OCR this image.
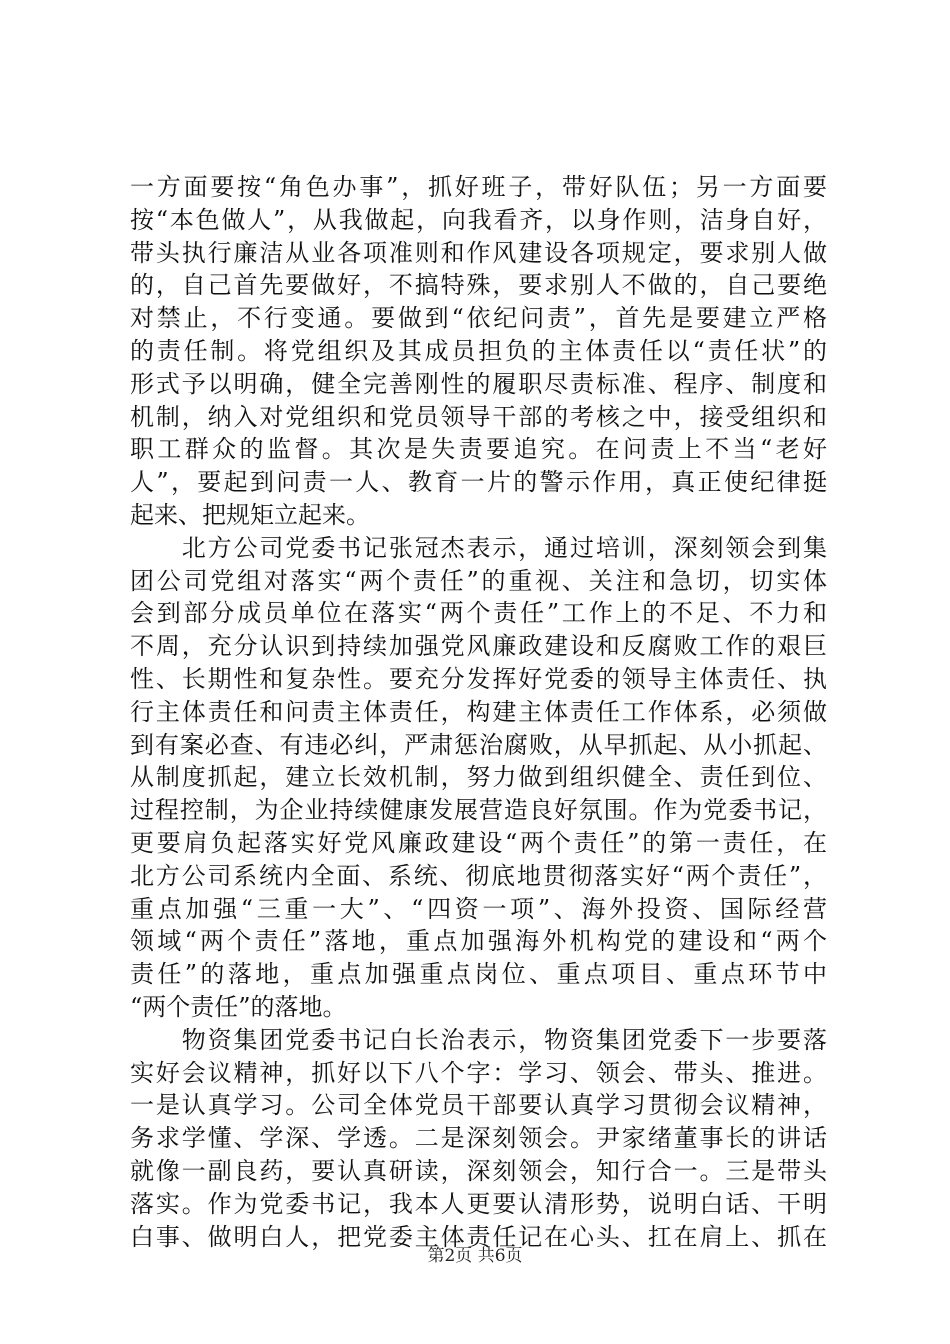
一方面要按“角色办事”，抓好班子，带好队伍；另一方面要
按“本色做人”，从我做起，向我看齐，以身作则，洁身自好，
带头执行廉洁从业各项准则和作风建设各项规定，要求别人做
的，自己首先要做好，不搞特殊，要求别人不做的，自己要绝
对禁止，不行变通。要做到“依纪问责”，首先是要建立严格
的责任制。将党组织及其成员担负的主体责任以“责任状”的
形式予以明确，健全完善刚性的履职尽责标准、程序、制度和
机制，纳入对党组织和党员领导干部的考核之中，接受组织和
职工群众的监督。其次是失责要追究。在问责上不当“老好
人”，要起到问责一人、教育一片的警示作用，真正使纪律挺
起来、把规矩立起来。
　　北方公司党委书记张冠杰表示，通过培训，深刻领会到集
团公司党组对落实“两个责任”的重视、关注和急切，切实体
会到部分成员单位在落实“两个责任”工作上的不足、不力和
不周，充分认识到持续加强党风廉政建设和反腐败工作的艰巨
性、长期性和复杂性。要充分发挥好党委的领导主体责任、执
行主体责任和问责主体责任，构建主体责任工作体系，必须做
到有案必查、有违必纠，严肃惩治腐败，从早抓起、从小抓起、
从制度抓起，建立长效机制，努力做到组织健全、责任到位、
过程控制，为企业持续健康发展营造良好氛围。作为党委书记，
更要肩负起落实好党风廉政建设“两个责任”的第一责任，在
北方公司系统内全面、系统、彻底地贯彻落实好“两个责任”，
重点加强“三重一大”、“四资一项”、海外投资、国际经营
领域“两个责任”落地，重点加强海外机构党的建设和“两个
责任”的落地，重点加强重点岗位、重点项目、重点环节中
“两个责任”的落地。
　　物资集团党委书记白长治表示，物资集团党委下一步要落
实好会议精神，抓好以下八个字：学习、领会、带头、推进。
一是认真学习。公司全体党员干部要认真学习贯彻会议精神，
务求学懂、学深、学透。二是深刻领会。尹家绪董事长的讲话
就像一副良药，要认真研读，深刻领会，知行合一。三是带头
落实。作为党委书记，我本人更要认清形势，说明白话、干明
白事、做明白人，把党委主体责任记在心头、扛在肩上、抓在
第2页 共6页
